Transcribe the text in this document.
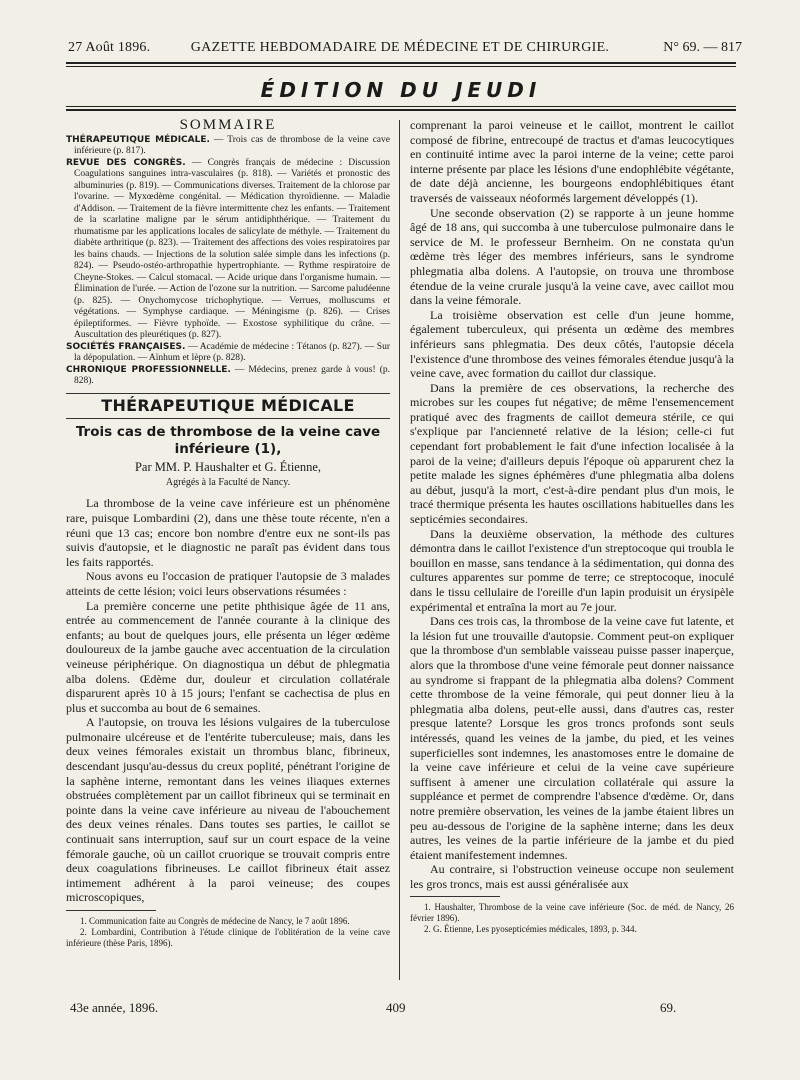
27 Août 1896.	GAZETTE HEBDOMADAIRE DE MÉDECINE ET DE CHIRURGIE.	N° 69. — 817
ÉDITION DU JEUDI
SOMMAIRE

THÉRAPEUTIQUE MÉDICALE. — Trois cas de thrombose de la veine cave inférieure (p. 817).

REVUE DES CONGRÈS. — Congrès français de médecine : Discussion Coagulations sanguines intra-vasculaires (p. 818). — Variétés et pronostic des albuminuries (p. 819). — Communications diverses. Traitement de la chlorose par l'ovarine. — Myxœdème congénital. — Médication thyroïdienne. — Maladie d'Addison. — Traitement de la fièvre intermittente chez les enfants. — Traitement de la scarlatine maligne par le sérum antidiphthérique. — Traitement du rhumatisme par les applications locales de salicylate de méthyle. — Traitement du diabète arthritique (p. 823). — Traitement des affections des voies respiratoires par les bains chauds. — Injections de la solution salée simple dans les infections (p. 824). — Pseudo-ostéo-arthropathie hypertrophiante. — Rythme respiratoire de Cheyne-Stokes. — Calcul stomacal. — Acide urique dans l'organisme humain. — Élimination de l'urée. — Action de l'ozone sur la nutrition. — Sarcome paludéenne (p. 825). — Onychomycose trichophytique. — Verrues, molluscums et végétations. — Symphyse cardiaque. — Méningisme (p. 826). — Crises épileptiformes. — Fièvre typhoïde. — Exostose syphilitique du crâne. — Auscultation des pleurétiques (p. 827).

SOCIÉTÉS FRANÇAISES. — Académie de médecine : Tétanos (p. 827). — Sur la dépopulation. — Aïnhum et lèpre (p. 828).

CHRONIQUE PROFESSIONNELLE. — Médecins, prenez garde à vous! (p. 828).

THÉRAPEUTIQUE MÉDICALE
Trois cas de thrombose de la veine cave inférieure (1),
Par MM. P. Haushalter et G. Étienne,
Agrégés à la Faculté de Nancy.

La thrombose de la veine cave inférieure est un phénomène rare, puisque Lombardini (2), dans une thèse toute récente, n'en a réuni que 13 cas; encore bon nombre d'entre eux ne sont-ils pas suivis d'autopsie, et le diagnostic ne paraît pas évident dans tous les faits rapportés.

Nous avons eu l'occasion de pratiquer l'autopsie de 3 malades atteints de cette lésion; voici leurs observations résumées :

La première concerne une petite phthisique âgée de 11 ans, entrée au commencement de l'année courante à la clinique des enfants; au bout de quelques jours, elle présenta un léger œdème douloureux de la jambe gauche avec accentuation de la circulation veineuse périphérique. On diagnostiqua un début de phlegmatia alba dolens. Œdème dur, douleur et circulation collatérale disparurent après 10 à 15 jours; l'enfant se cachectisa de plus en plus et succomba au bout de 6 semaines.

A l'autopsie, on trouva les lésions vulgaires de la tuberculose pulmonaire ulcéreuse et de l'entérite tuberculeuse; mais, dans les deux veines fémorales existait un thrombus blanc, fibrineux, descendant jusqu'au-dessus du creux poplité, pénétrant l'origine de la saphène interne, remontant dans les veines iliaques externes obstruées complètement par un caillot fibrineux qui se terminait en pointe dans la veine cave inférieure au niveau de l'abouchement des deux veines rénales. Dans toutes ses parties, le caillot se continuait sans interruption, sauf sur un court espace de la veine fémorale gauche, où un caillot cruorique se trouvait compris entre deux coagulations fibrineuses. Le caillot fibrineux était assez intimement adhérent à la paroi veineuse; des coupes microscopiques,

1. Communication faite au Congrès de médecine de Nancy, le 7 août 1896.

2. Lombardini, Contribution à l'étude clinique de l'oblitération de la veine cave inférieure (thèse Paris, 1896).

comprenant la paroi veineuse et le caillot, montrent le caillot composé de fibrine, entrecoupé de tractus et d'amas leucocytiques en continuité intime avec la paroi interne de la veine; cette paroi interne présente par place les lésions d'une endophlébite végétante, de date déjà ancienne, les bourgeons endophlébitiques étant traversés de vaisseaux néoformés largement développés (1).

Une seconde observation (2) se rapporte à un jeune homme âgé de 18 ans, qui succomba à une tuberculose pulmonaire dans le service de M. le professeur Bernheim. On ne constata qu'un œdème très léger des membres inférieurs, sans le syndrome phlegmatia alba dolens. A l'autopsie, on trouva une thrombose étendue de la veine crurale jusqu'à la veine cave, avec caillot mou dans la veine fémorale.

La troisième observation est celle d'un jeune homme, également tuberculeux, qui présenta un œdème des membres inférieurs sans phlegmatia. Des deux côtés, l'autopsie décela l'existence d'une thrombose des veines fémorales étendue jusqu'à la veine cave, avec formation du caillot dur classique.

Dans la première de ces observations, la recherche des microbes sur les coupes fut négative; de même l'ensemencement pratiqué avec des fragments de caillot demeura stérile, ce qui s'explique par l'ancienneté relative de la lésion; celle-ci fut cependant fort probablement le fait d'une infection localisée à la paroi de la veine; d'ailleurs depuis l'époque où apparurent chez la petite malade les signes éphémères d'une phlegmatia alba dolens au début, jusqu'à la mort, c'est-à-dire pendant plus d'un mois, le tracé thermique présenta les hautes oscillations habituelles dans les septicémies secondaires.

Dans la deuxième observation, la méthode des cultures démontra dans le caillot l'existence d'un streptocoque qui troubla le bouillon en masse, sans tendance à la sédimentation, qui donna des cultures apparentes sur pomme de terre; ce streptocoque, inoculé dans le tissu cellulaire de l'oreille d'un lapin produisit un érysipèle expérimental et entraîna la mort au 7e jour.

Dans ces trois cas, la thrombose de la veine cave fut latente, et la lésion fut une trouvaille d'autopsie. Comment peut-on expliquer que la thrombose d'un semblable vaisseau puisse passer inaperçue, alors que la thrombose d'une veine fémorale peut donner naissance au syndrome si frappant de la phlegmatia alba dolens? Comment cette thrombose de la veine fémorale, qui peut donner lieu à la phlegmatia alba dolens, peut-elle aussi, dans d'autres cas, rester presque latente? Lorsque les gros troncs profonds sont seuls intéressés, quand les veines de la jambe, du pied, et les veines superficielles sont indemnes, les anastomoses entre le domaine de la veine cave inférieure et celui de la veine cave supérieure suffisent à amener une circulation collatérale qui assure la suppléance et permet de comprendre l'absence d'œdème. Or, dans notre première observation, les veines de la jambe étaient libres un peu au-dessous de l'origine de la saphène interne; dans les deux autres, les veines de la partie inférieure de la jambe et du pied étaient manifestement indemnes.

Au contraire, si l'obstruction veineuse occupe non seulement les gros troncs, mais est aussi généralisée aux

1. Haushalter, Thrombose de la veine cave inférieure (Soc. de méd. de Nancy, 26 février 1896).

2. G. Étienne, Les pyosepticémies médicales, 1893, p. 344.

43e année, 1896.	409	69.
